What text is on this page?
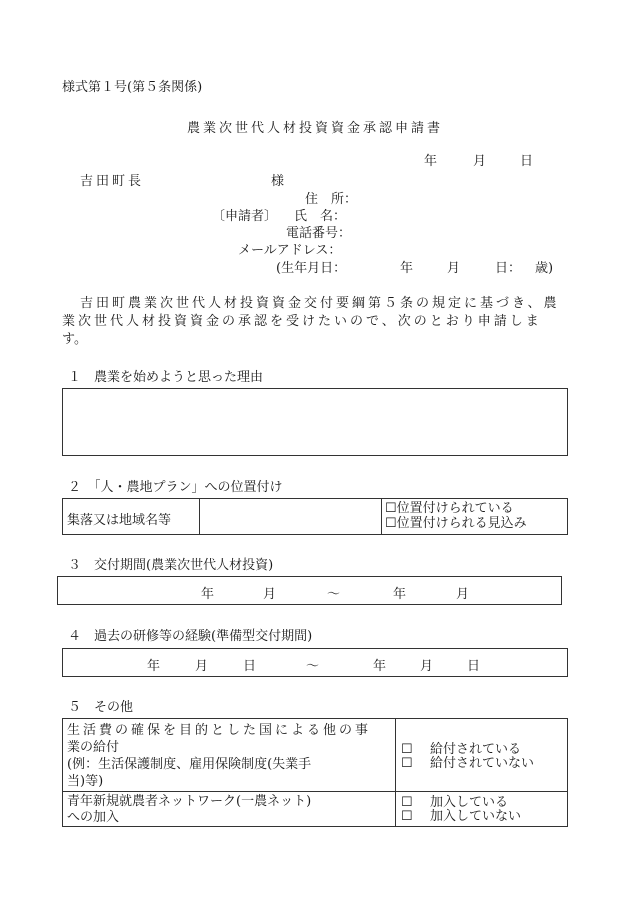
様式第１号(第５条関係)
農業次世代人材投資資金承認申請書
年	月	日
吉田町長	様
住　所：
〔申請者〕 氏　名：
電話番号：
メールアドレス：
(生年月日：	年	月	日： 歳)
吉田町農業次世代人材投資資金交付要綱第５条の規定に基づき、農
業次世代人材投資資金の承認を受けたいので、次のとおり申請しま
す。
１　農業を始めようと思った理由
２　「人・農地プラン」への位置付け
集落又は地域名等
☐位置付けられている
☐位置付けられる見込み
３　交付期間(農業次世代人材投資)
年	月	～	年	月
４　過去の研修等の経験(準備型交付期間)
年	月	日	～	年	月	日
５　その他
生活費の確保を目的とした国による他の事
業の給付
(例：生活保護制度、雇用保険制度(失業手
当)等)
☐　 給付されている
☐　 給付されていない
青年新規就農者ネットワーク(一農ネット)
への加入
☐　 加入している
☐　 加入していない
